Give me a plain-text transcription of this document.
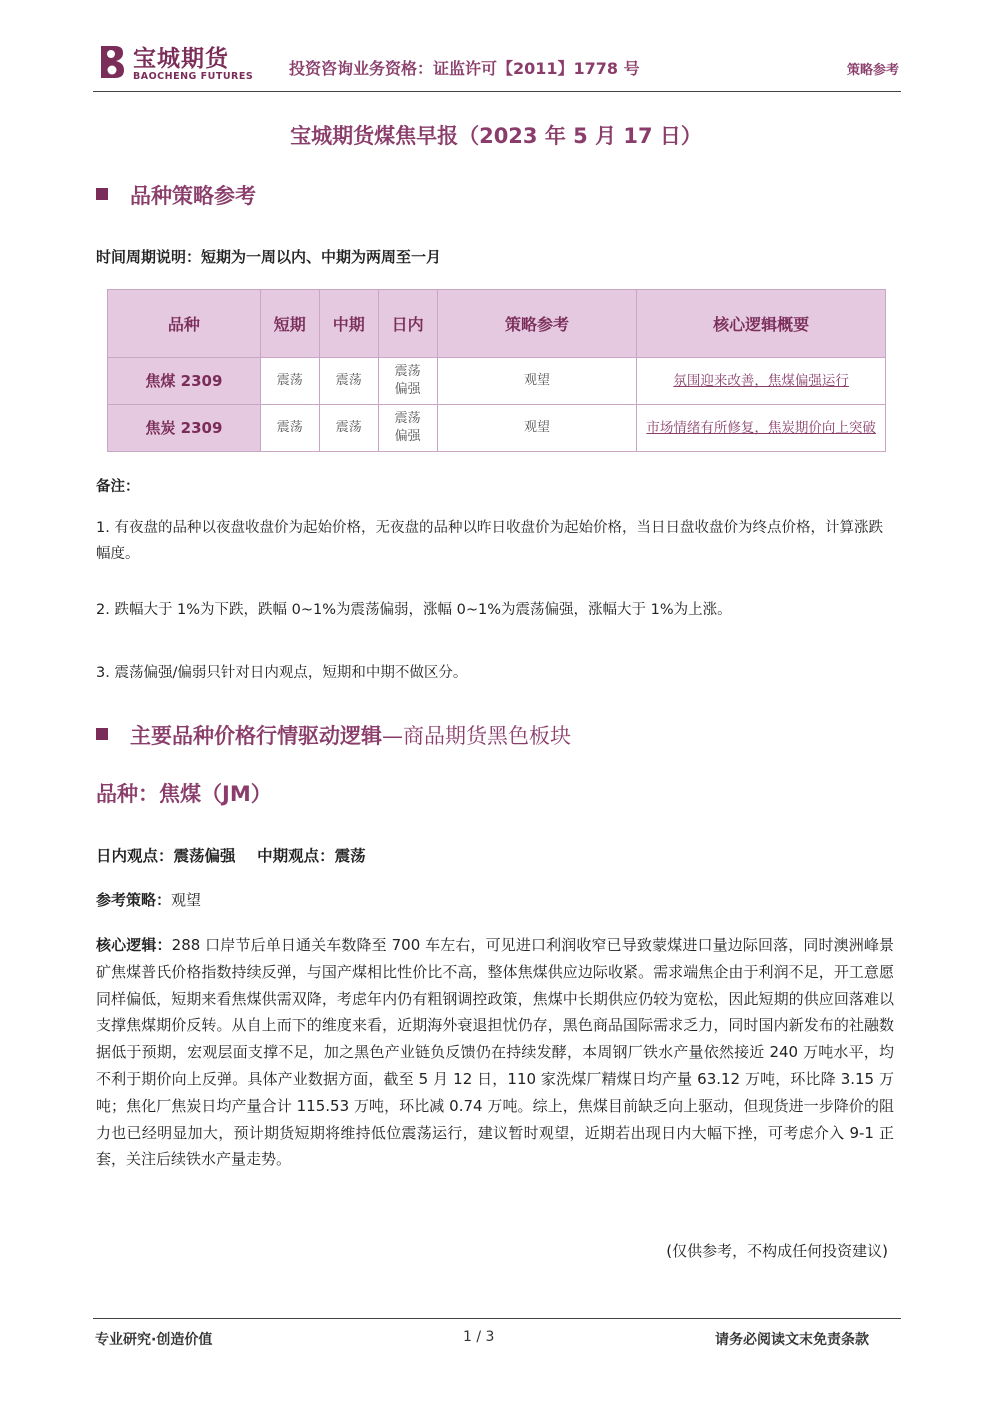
宝城期货
BAOCHENG FUTURES 投资咨询业务资格：证监许可【2011】1778 号	策略参考
宝城期货煤焦早报（2023 年 5 月 17 日）
品种策略参考
时间周期说明：短期为一周以内、中期为两周至一月
品种	短期	中期	日内	策略参考	核心逻辑概要
焦煤 2309	震荡	震荡	震荡偏强	观望	氛围迎来改善，焦煤偏强运行
焦炭 2309	震荡	震荡	震荡偏强	观望	市场情绪有所修复，焦炭期价向上突破
备注：
1. 有夜盘的品种以夜盘收盘价为起始价格，无夜盘的品种以昨日收盘价为起始价格，当日日盘收盘价为终点价格，计算涨跌幅度。
2. 跌幅大于 1%为下跌，跌幅 0~1%为震荡偏弱，涨幅 0~1%为震荡偏强，涨幅大于 1%为上涨。
3. 震荡偏强/偏弱只针对日内观点，短期和中期不做区分。
主要品种价格行情驱动逻辑—商品期货黑色板块
品种：焦煤（JM）
日内观点：震荡偏强    中期观点：震荡
参考策略：观望
核心逻辑：288 口岸节后单日通关车数降至 700 车左右，可见进口利润收窄已导致蒙煤进口量边际回落，同时澳洲峰景矿焦煤普氏价格指数持续反弹，与国产煤相比性价比不高，整体焦煤供应边际收紧。需求端焦企由于利润不足，开工意愿同样偏低，短期来看焦煤供需双降，考虑年内仍有粗钢调控政策，焦煤中长期供应仍较为宽松，因此短期的供应回落难以支撑焦煤期价反转。从自上而下的维度来看，近期海外衰退担忧仍存，黑色商品国际需求乏力，同时国内新发布的社融数据低于预期，宏观层面支撑不足，加之黑色产业链负反馈仍在持续发酵，本周钢厂铁水产量依然接近 240 万吨水平，均不利于期价向上反弹。具体产业数据方面，截至 5 月 12 日，110 家洗煤厂精煤日均产量 63.12 万吨，环比降 3.15 万吨；焦化厂焦炭日均产量合计 115.53 万吨，环比减 0.74 万吨。综上，焦煤目前缺乏向上驱动，但现货进一步降价的阻力也已经明显加大，预计期货短期将维持低位震荡运行，建议暂时观望，近期若出现日内大幅下挫，可考虑介入 9-1 正套，关注后续铁水产量走势。
(仅供参考，不构成任何投资建议)
专业研究·创造价值	1 / 3	请务必阅读文末免责条款
